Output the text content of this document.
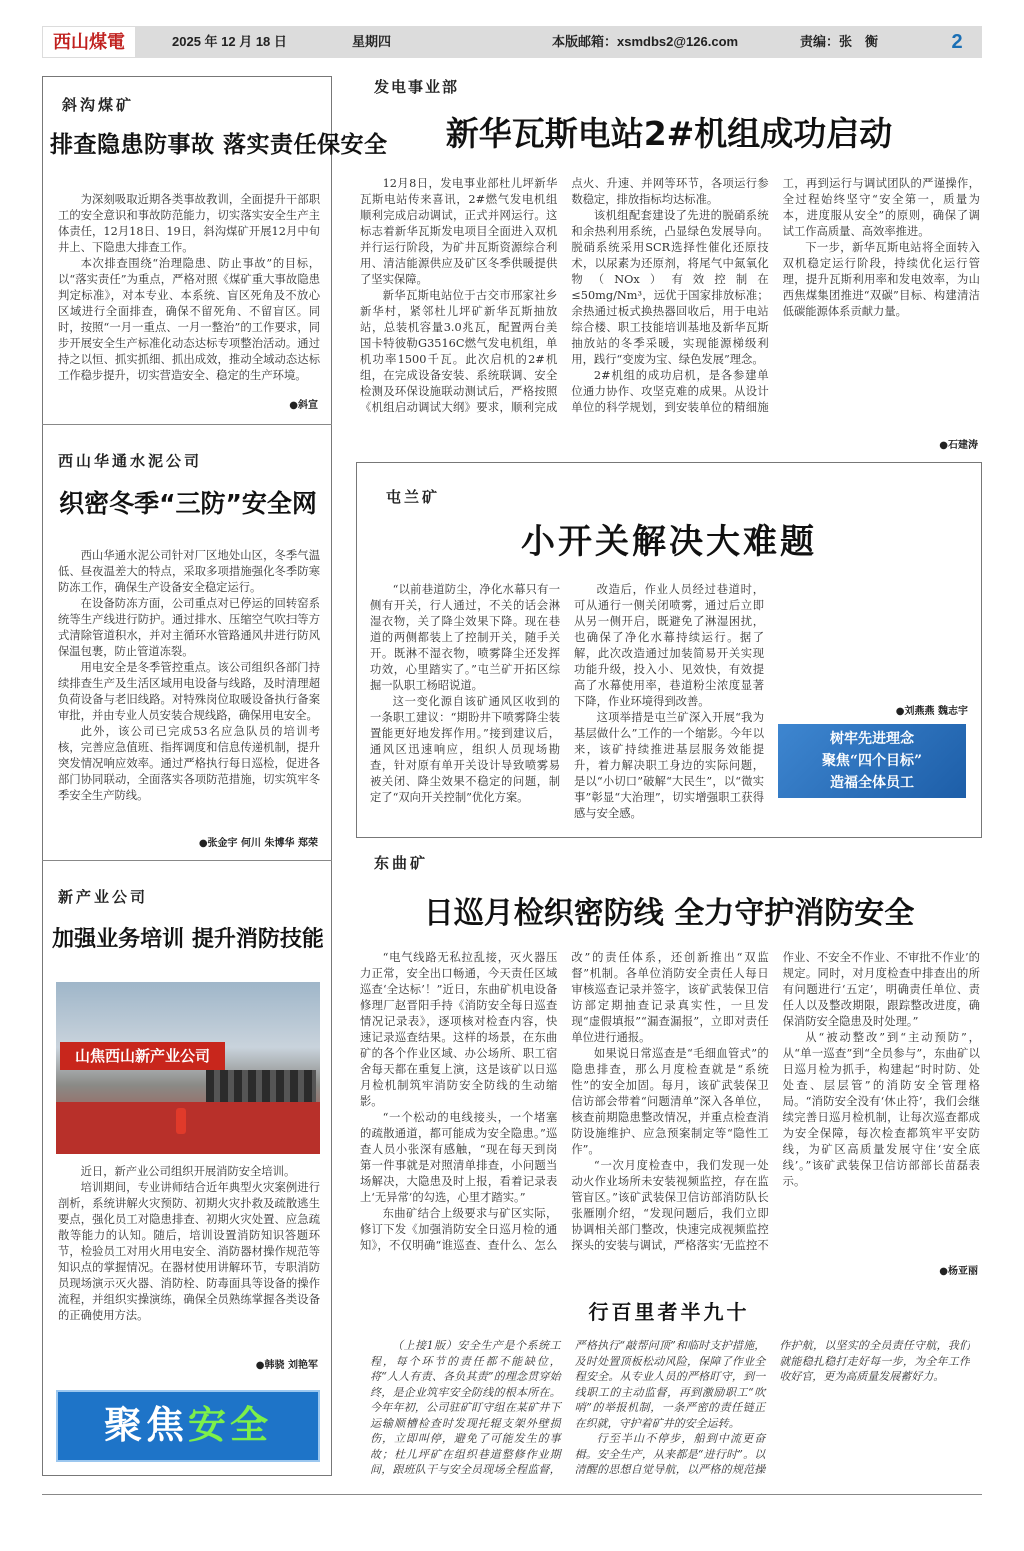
西山煤電	2025 年 12 月 18 日	星期四	本版邮箱：xsmdbs2@126.com	责编：张　衡	2
斜沟煤矿
排查隐患防事故 落实责任保安全

为深刻吸取近期各类事故教训，全面提升干部职工的安全意识和事故防范能力，切实落实安全生产主体责任，12月18日、19日，斜沟煤矿开展12月中旬井上、下隐患大排查工作。

本次排查围绕“治理隐患、防止事故”的目标，以“落实责任”为重点，严格对照《煤矿重大事故隐患判定标准》，对本专业、本系统、盲区死角及不放心区域进行全面排查，确保不留死角、不留盲区。同时，按照“一月一重点、一月一整治”的工作要求，同步开展安全生产标准化动态达标专项整治活动。通过持之以恒、抓实抓细、抓出成效，推动全域动态达标工作稳步提升，切实营造安全、稳定的生产环境。

●斜宣
西山华通水泥公司
织密冬季“三防”安全网

西山华通水泥公司针对厂区地处山区，冬季气温低、昼夜温差大的特点，采取多项措施强化冬季防寒防冻工作，确保生产设备安全稳定运行。

在设备防冻方面，公司重点对已停运的回转窑系统等生产线进行防护。通过排水、压缩空气吹扫等方式清除管道积水，并对主循环水管路通风井进行防风保温包裹，防止管道冻裂。

用电安全是冬季管控重点。该公司组织各部门持续排查生产及生活区域用电设备与线路，及时清理超负荷设备与老旧线路。对特殊岗位取暖设备执行备案审批，并由专业人员安装合规线路，确保用电安全。

此外，该公司已完成53名应急队员的培训考核，完善应急值班、指挥调度和信息传递机制，提升突发情况响应效率。通过严格执行每日巡检，促进各部门协同联动，全面落实各项防范措施，切实筑牢冬季安全生产防线。

●张金宇 何川 朱博华 郑荣
新产业公司
加强业务培训 提升消防技能
山焦西山新产业公司

近日，新产业公司组织开展消防安全培训。

培训期间，专业讲师结合近年典型火灾案例进行剖析，系统讲解火灾预防、初期火灾扑救及疏散逃生要点，强化员工对隐患排查、初期火灾处置、应急疏散等能力的认知。随后，培训设置消防知识答题环节，检验员工对用火用电安全、消防器材操作规范等知识点的掌握情况。在器材使用讲解环节，专职消防员现场演示灭火器、消防栓、防毒面具等设备的操作流程，并组织实操演练，确保全员熟练掌握各类设备的正确使用方法。

●韩骁 刘艳军
聚焦安全
发电事业部
新华瓦斯电站2#机组成功启动

12月8日，发电事业部杜儿坪新华瓦斯电站传来喜讯，2#燃气发电机组顺利完成启动调试，正式并网运行。这标志着新华瓦斯发电项目全面进入双机并行运行阶段，为矿井瓦斯资源综合利用、清洁能源供应及矿区冬季供暖提供了坚实保障。

新华瓦斯电站位于古交市邢家社乡新华村，紧邻杜儿坪矿新华瓦斯抽放站，总装机容量3.0兆瓦，配置两台美国卡特彼勒G3516C燃气发电机组，单机功率1500千瓦。此次启机的2#机组，在完成设备安装、系统联调、安全检测及环保设施联动测试后，严格按照《机组启动调试大纲》要求，顺利完成点火、升速、并网等环节，各项运行参数稳定，排放指标均达标准。

该机组配套建设了先进的脱硝系统和余热利用系统，凸显绿色发展导向。脱硝系统采用SCR选择性催化还原技术，以尿素为还原剂，将尾气中氮氧化物（NOx）有效控制在≤50mg/Nm³，远优于国家排放标准；余热通过板式换热器回收后，用于电站综合楼、职工技能培训基地及新华瓦斯抽放站的冬季采暖，实现能源梯级利用，践行“变废为宝、绿色发展”理念。

2#机组的成功启机，是各参建单位通力协作、攻坚克难的成果。从设计单位的科学规划，到安装单位的精细施工，再到运行与调试团队的严谨操作，全过程始终坚守“安全第一，质量为本，进度服从安全”的原则，确保了调试工作高质量、高效率推进。

下一步，新华瓦斯电站将全面转入双机稳定运行阶段，持续优化运行管理，提升瓦斯利用率和发电效率，为山西焦煤集团推进“双碳”目标、构建清洁低碳能源体系贡献力量。

●石建涛
屯兰矿
小开关解决大难题

“以前巷道防尘，净化水幕只有一侧有开关，行人通过，不关的话会淋湿衣物，关了降尘效果下降。现在巷道的两侧都装上了控制开关，随手关开。既淋不湿衣物，喷雾降尘还发挥功效，心里踏实了。”屯兰矿开拓区综掘一队职工杨昭说道。

这一变化源自该矿通风区收到的一条职工建议：“期盼井下喷雾降尘装置能更好地发挥作用。”接到建议后，通风区迅速响应，组织人员现场勘查，针对原有单开关设计导致喷雾易被关闭、降尘效果不稳定的问题，制定了“双向开关控制”优化方案。

改造后，作业人员经过巷道时，可从通行一侧关闭喷雾，通过后立即从另一侧开启，既避免了淋湿困扰，也确保了净化水幕持续运行。据了解，此次改造通过加装简易开关实现功能升级，投入小、见效快，有效提高了水幕使用率，巷道粉尘浓度显著下降，作业环境得到改善。

这项举措是屯兰矿深入开展“我为基层做什么”工作的一个缩影。今年以来，该矿持续推进基层服务效能提升，着力解决职工身边的实际问题，是以“小切口”破解“大民生”，以“微实事”彰显“大治理”，切实增强职工获得感与安全感。

●刘燕燕 魏志宇
树牢先进理念
聚焦“四个目标”
造福全体员工
东曲矿
日巡月检织密防线 全力守护消防安全

“电气线路无私拉乱接，灭火器压力正常，安全出口畅通，今天责任区域巡查‘全达标’！”近日，东曲矿机电设备修理厂赵晋阳手持《消防安全每日巡查情况记录表》，逐项核对检查内容，快速记录巡查结果。这样的场景，在东曲矿的各个作业区域、办公场所、职工宿舍每天都在重复上演，这是该矿以日巡月检机制筑牢消防安全防线的生动缩影。

“一个松动的电线接头，一个堵塞的疏散通道，都可能成为安全隐患。”巡查人员小张深有感触，“现在每天到岗第一件事就是对照清单排查，小问题当场解决，大隐患及时上报，看着记录表上‘无异常’的勾选，心里才踏实。”

东曲矿结合上级要求与矿区实际，修订下发《加强消防安全日巡月检的通知》，不仅明确“谁巡查、查什么、怎么改”的责任体系，还创新推出“双监督”机制。各单位消防安全责任人每日审核巡查记录并签字，该矿武装保卫信访部定期抽查记录真实性，一旦发现“虚假填报”“漏查漏报”，立即对责任单位进行通报。

如果说日常巡查是“毛细血管式”的隐患排查，那么月度检查就是“系统性”的安全加固。每月，该矿武装保卫信访部会带着“问题清单”深入各单位，核查前期隐患整改情况，并重点检查消防设施维护、应急预案制定等“隐性工作”。

“一次月度检查中，我们发现一处动火作业场所未安装视频监控，存在监管盲区。”该矿武装保卫信访部消防队长张雁刚介绍，“发现问题后，我们立即协调相关部门整改，快速完成视频监控探头的安装与调试，严格落实‘无监控不作业、不安全不作业、不审批不作业’的规定。同时，对月度检查中排查出的所有问题进行‘五定’，明确责任单位、责任人以及整改期限，跟踪整改进度，确保消防安全隐患及时处理。”

从“被动整改”到“主动预防”，从“单一巡查”到“全员参与”，东曲矿以日巡月检为抓手，构建起“时时防、处处查、层层管”的消防安全管理格局。“消防安全没有‘休止符’，我们会继续完善日巡月检机制，让每次巡查都成为安全保障，每次检查都筑牢平安防线，为矿区高质量发展守住‘安全底线’。”该矿武装保卫信访部部长苗磊表示。

●杨亚丽
行百里者半九十

（上接1版）安全生产是个系统工程，每个环节的责任都不能缺位，将“人人有责、各负其责”的理念贯穿始终，是企业筑牢安全防线的根本所在。今年年初，公司驻矿盯守组在某矿井下运输顺槽检查时发现托辊支架外壁损伤，立即叫停，避免了可能发生的事故；杜儿坪矿在组织巷道整修作业期间，跟班队干与安全员现场全程监督，严格执行“敲帮问顶”和临时支护措施，及时处置顶板松动风险，保障了作业全程安全。从专业人员的严格盯守，到一线职工的主动监督，再到激励职工“吹哨”的举报机制，一条严密的责任链正在织就，守护着矿井的安全运转。

行至半山不停步，船到中流更奋楫。安全生产，从来都是“进行时”。以清醒的思想自觉导航，以严格的规范操作护航，以坚实的全员责任守航，我们就能稳扎稳打走好每一步，为全年工作收好官，更为高质量发展蓄好力。
